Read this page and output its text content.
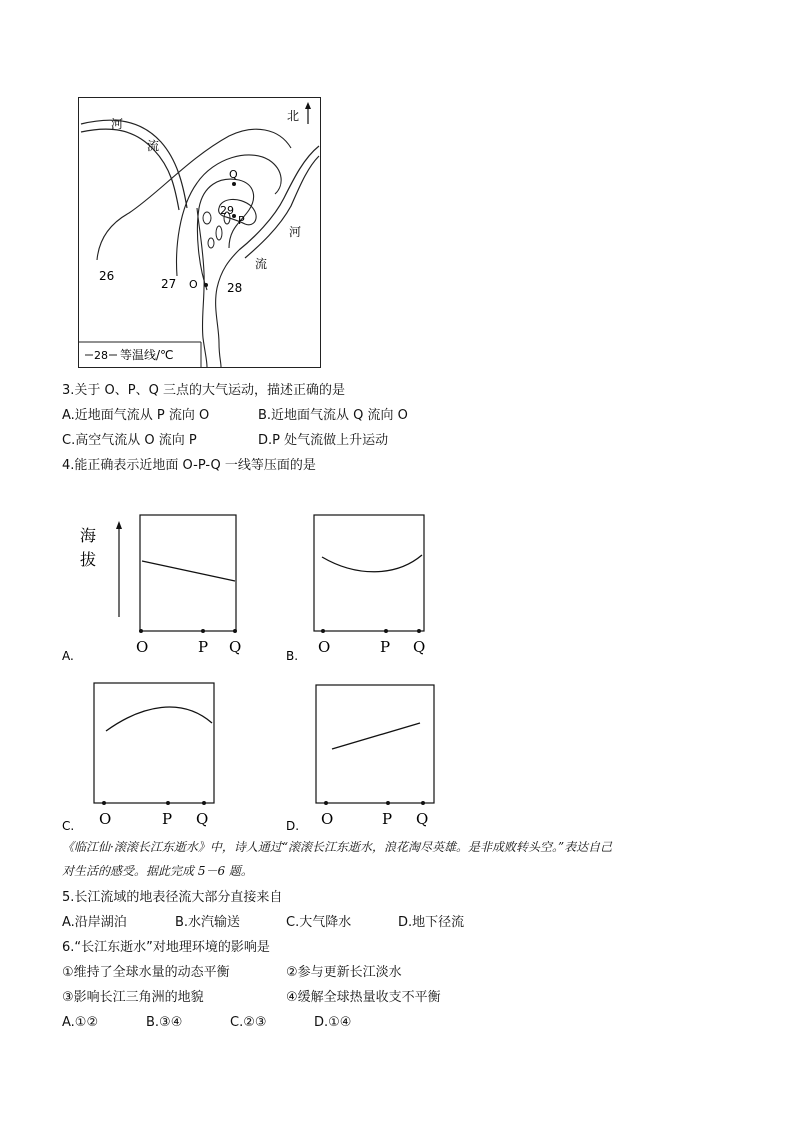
北
河
流
河
流
26
27	28
29
O
P
Q
28 等温线/℃
3.关于 O、P、Q 三点的大气运动，描述正确的是
A.近地面气流从 P 流向 O	B.近地面气流从 Q 流向 O
C.高空气流从 O 流向 P	D.P 处气流做上升运动
4.能正确表示近地面 O-P-Q 一线等压面的是
海
拔
O	P Q
A.	O	P Q
B.
O	P Q
C.	O	P Q
D.
《临江仙·滚滚长江东逝水》中，诗人通过“滚滚长江东逝水，浪花淘尽英雄。是非成败转头空。”表达自己
对生活的感受。据此完成 5－6 题。
5.长江流域的地表径流大部分直接来自
A.沿岸湖泊	B.水汽输送	C.大气降水	D.地下径流
6.“长江东逝水”对地理环境的影响是
①维持了全球水量的动态平衡	②参与更新长江淡水
③影响长江三角洲的地貌	④缓解全球热量收支不平衡
A.①②	B.③④	C.②③	D.①④
